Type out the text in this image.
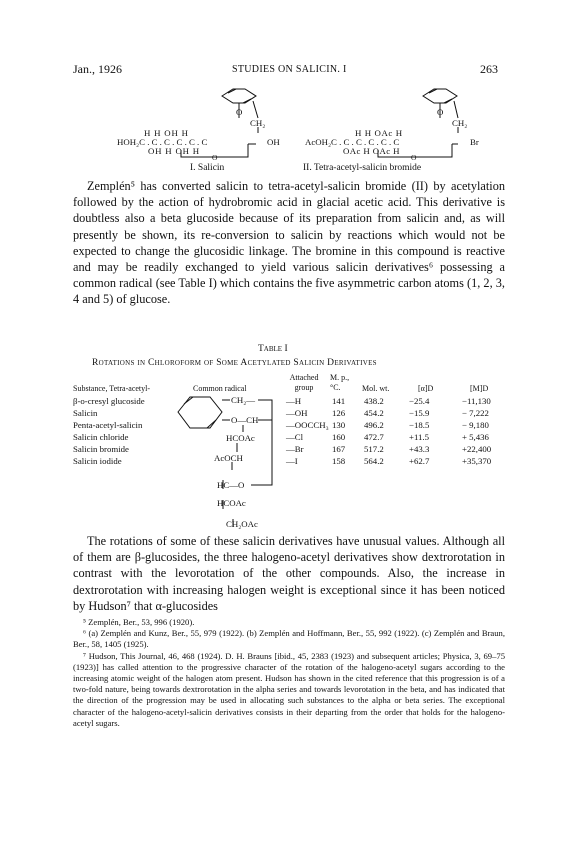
Jan., 1926	STUDIES ON SALICIN. I	263
O
CH₂
H H OH H
HOH₂C . C . C . C . C . C	OH
OH H OH H
O
I. Salicin
O
CH₂
H H OAc H
AcOH₂C . C . C . C . C . C	Br
OAc H OAc H
O
II. Tetra-acetyl-salicin bromide

Zemplén⁵ has converted salicin to tetra-acetyl-salicin bromide (II) by acetylation followed by the action of hydrobromic acid in glacial acetic acid. This derivative is doubtless also a beta glucoside because of its preparation from salicin and, as will presently be shown, its re-conversion to salicin by reactions which would not be expected to change the glucosidic linkage. The bromine in this compound is reactive and may be readily exchanged to yield various salicin derivatives⁶ possessing a common radical (see Table I) which contains the five asymmetric carbon atoms (1, 2, 3, 4 and 5) of glucose.

Table I
Rotations in Chloroform of Some Acetylated Salicin Derivatives
Substance, Tetra-acetyl-	Common radical
Attached group
M. p., °C.	Mol. wt.	[α]D	[M]D
β-o-cresyl glucoside	—H	141 438.2	−25.4	−11,130
Salicin	—OH	126 454.2	−15.9	− 7,222
Penta-acetyl-salicin	—OOCCH₃ 130 496.2	−18.5	− 9,180
Salicin chloride	—Cl	160 472.7	+11.5	+ 5,436
Salicin bromide	—Br	167 517.2	+43.3	+22,400
Salicin iodide	—I	158 564.2	+62.7	+35,370
CH₂—
O—CH
HCOAc
AcOCH
HC—O
HCOAc
CH₂OAc

The rotations of some of these salicin derivatives have unusual values. Although all of them are β-glucosides, the three halogeno-acetyl derivatives show dextrorotation in contrast with the levorotation of the other compounds. Also, the increase in dextrorotation with increasing halogen weight is exceptional since it has been noticed by Hudson⁷ that α-glucosides

⁵ Zemplén, Ber., 53, 996 (1920).
⁶ (a) Zemplén and Kunz, Ber., 55, 979 (1922). (b) Zemplén and Hoffmann, Ber., 55, 992 (1922). (c) Zemplén and Braun, Ber., 58, 1405 (1925).
⁷ Hudson, This Journal, 46, 468 (1924). D. H. Brauns [ibid., 45, 2383 (1923) and subsequent articles; Physica, 3, 69–75 (1923)] has called attention to the progressive character of the rotation of the halogeno-acetyl sugars according to the increasing atomic weight of the halogen atom present. Hudson has shown in the cited reference that this progression is of a two-fold nature, being towards dextrorotation in the alpha series and towards levorotation in the beta, and has indicated that the direction of the progression may be used in allocating such substances to the alpha or beta series. The exceptional character of the halogeno-acetyl-salicin derivatives consists in their departing from the order that holds for the halogeno-acetyl sugars.
